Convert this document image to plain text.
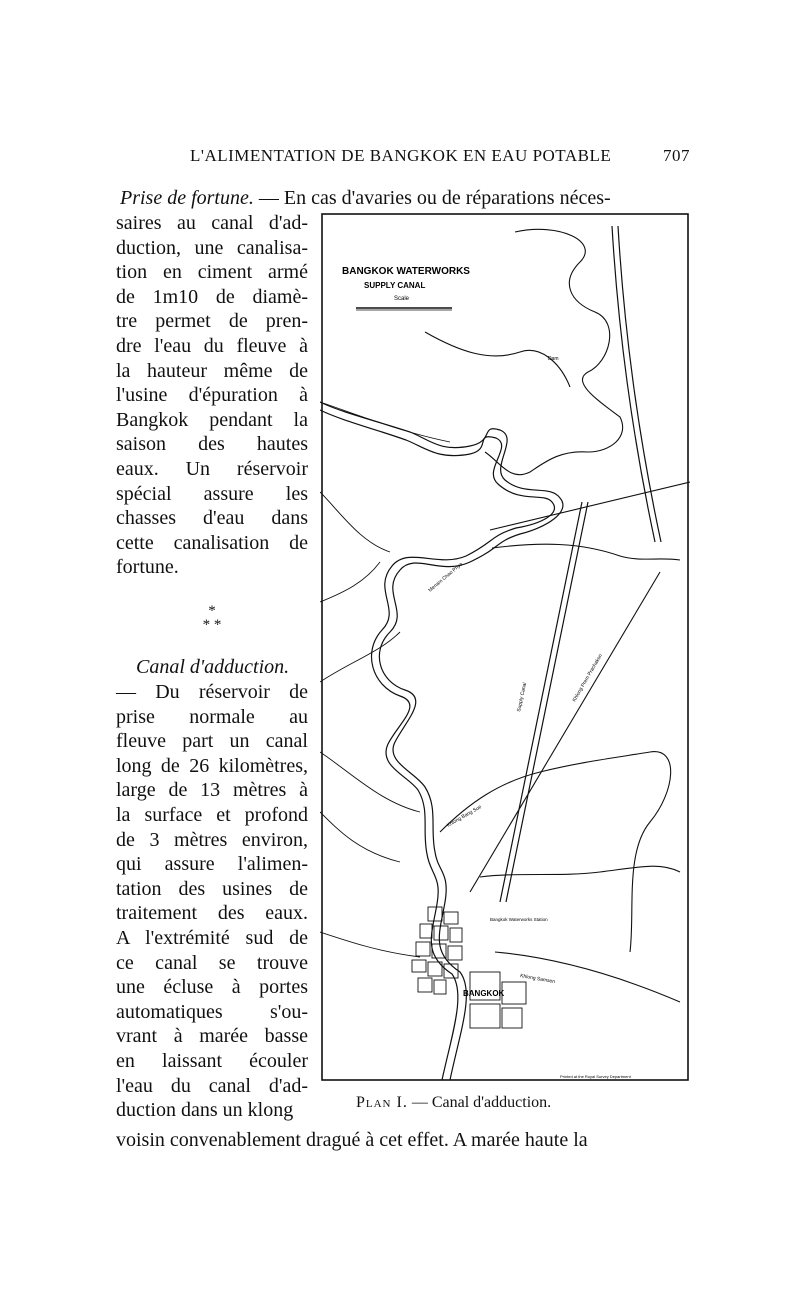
L'ALIMENTATION DE BANGKOK EN EAU POTABLE	707
Prise de fortune. — En cas d'avaries ou de réparations néces-
saires au canal d'ad-
duction, une canalisa-
tion en ciment armé
de 1m10 de diamè-
tre permet de pren-
dre l'eau du fleuve à
la hauteur même de
l'usine d'épuration à
Bangkok pendant la
saison des hautes
eaux. Un réservoir
spécial assure les
chasses d'eau dans
cette canalisation de
fortune.
*
* *
Canal d'adduction.
— Du réservoir de
prise normale au
fleuve part un canal
long de 26 kilomètres,
large de 13 mètres à
la surface et profond
de 3 mètres environ,
qui assure l'alimen-
tation des usines de
traitement des eaux.
A l'extrémité sud de
ce canal se trouve
une écluse à portes
automatiques s'ou-
vrant à marée basse
en laissant écouler
l'eau du canal d'ad-
duction dans un klong
voisin convenablement dragué à cet effet. A marée haute la
BANGKOK WATERWORKS
SUPPLY CANAL
Scale
BANGKOK
Bangkok Waterworks Station
Dam
Menam Chao Phya
Supply Canal	Khlong Prem Prachakon
Khlong Samsen
Khlong Bang Sue
Printed at the Royal Survey Department
Plan I. — Canal d'adduction.
